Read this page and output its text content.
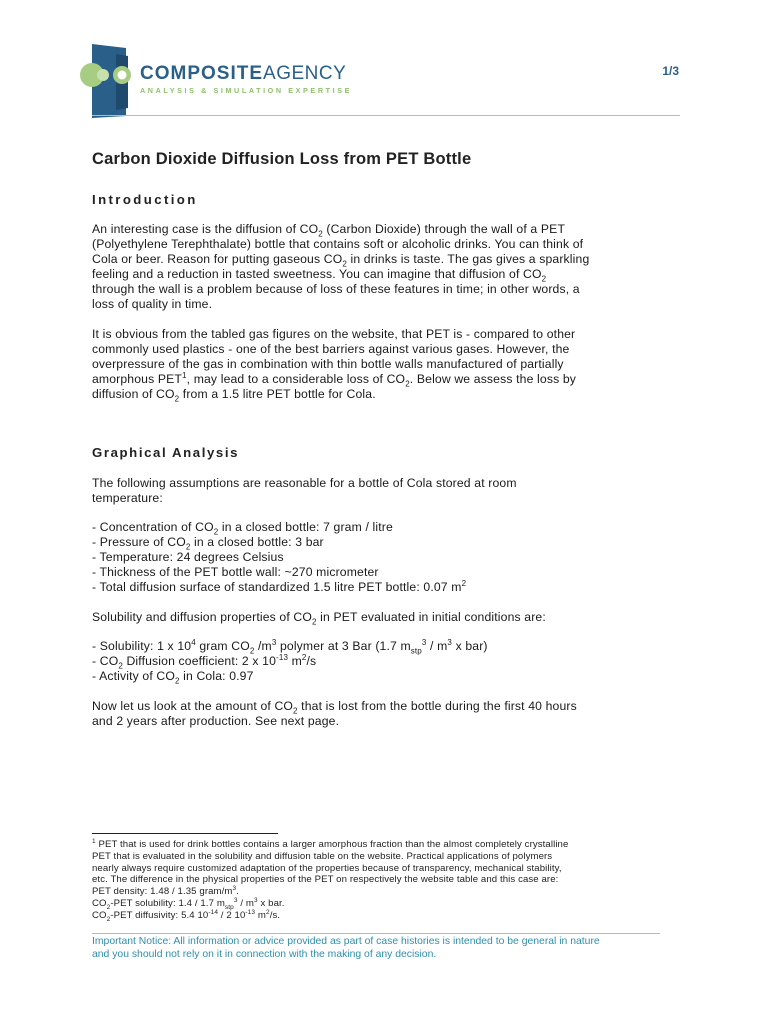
COMPOSITEAGENCY
ANALYSIS & SIMULATION EXPERTISE
1/3
Carbon Dioxide Diffusion Loss from PET Bottle
Introduction

An interesting case is the diffusion of $CO_2$ (Carbon Dioxide) through the wall of a PET

(Polyethylene Terephthalate) bottle that contains soft or alcoholic drinks. You can think of

Cola or beer. Reason for putting gaseous $CO_2$ in drinks is taste. The gas gives a sparkling

feeling and a reduction in tasted sweetness. You can imagine that diffusion of $CO_2$

through the wall is a problem because of loss of these features in time; in other words, a

loss of quality in time.

It is obvious from the tabled gas figures on the website, that PET is - compared to other

commonly used plastics - one of the best barriers against various gases. However, the

overpressure of the gas in combination with thin bottle walls manufactured of partially

amorphous PET$^1$, may lead to a considerable loss of $CO_2$. Below we assess the loss by

diffusion of $CO_2$ from a 1.5 litre PET bottle for Cola.

Graphical Analysis

The following assumptions are reasonable for a bottle of Cola stored at room

temperature:

- Concentration of $CO_2$ in a closed bottle: 7 gram / litre

- Pressure of $CO_2$ in a closed bottle: 3 bar

- Temperature: 24 degrees Celsius

- Thickness of the PET bottle wall: ~270 micrometer

- Total diffusion surface of standardized 1.5 litre PET bottle: 0.07 $m^2$

Solubility and diffusion properties of $CO_2$ in PET evaluated in initial conditions are:

- Solubility: 1 x $10^4$ gram $CO_2$ $/m^3$ polymer at 3 Bar (1.7 $m_{stp}^3 / m^3$ x bar)

- $CO_2$ Diffusion coefficient: 2 x $10^{-13}$ $m^2/s$

- Activity of $CO_2$ in Cola: 0.97

Now let us look at the amount of $CO_2$ that is lost from the bottle during the first 40 hours

and 2 years after production. See next page.

$^1$ PET that is used for drink bottles contains a larger amorphous fraction than the almost completely crystalline

PET that is evaluated in the solubility and diffusion table on the website. Practical applications of polymers

nearly always require customized adaptation of the properties because of transparency, mechanical stability,

etc. The difference in the physical properties of the PET on respectively the website table and this case are:

PET density: 1.48 / 1.35 gram/$m^3$.

$CO_2$-PET solubility: 1.4 / 1.7 $m_{stp}^3 / m^3$ x bar.

$CO_2$-PET diffusivity: 5.4 $10^{-14} / 2$ $10^{-13}$ $m^2/s$.

Important Notice: All information or advice provided as part of case histories is intended to be general in nature
and you should not rely on it in connection with the making of any decision.
